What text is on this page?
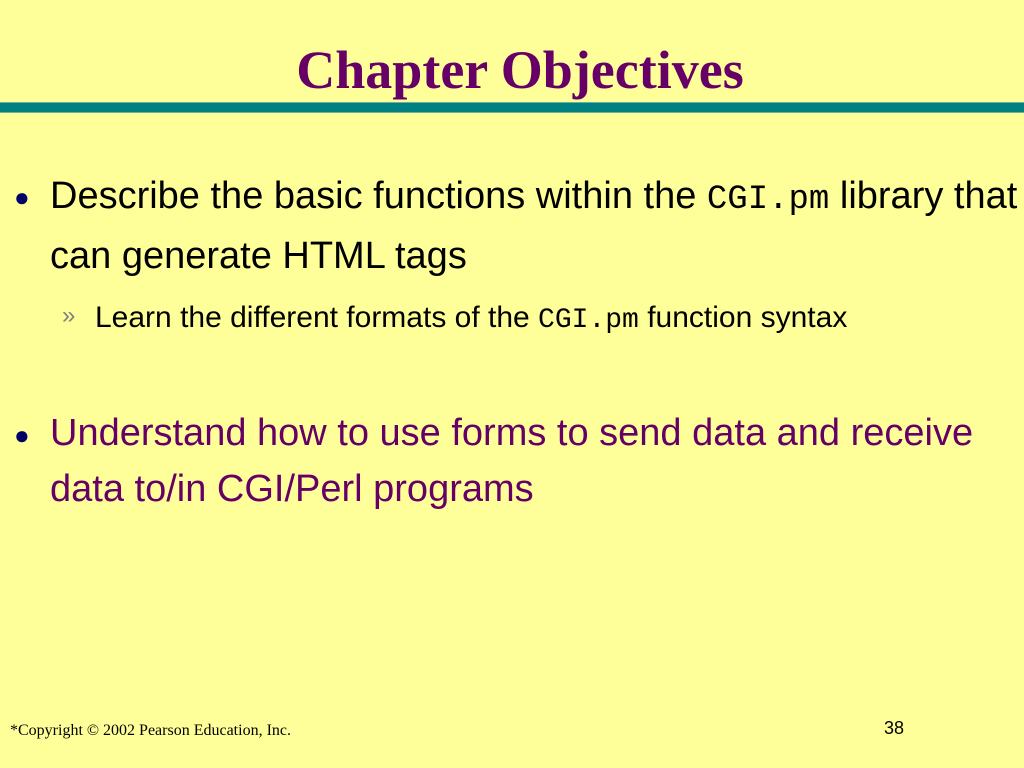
Chapter Objectives
● Describe the basic functions within the CGI.pm library that can generate HTML tags

» Learn the different formats of the CGI.pm function syntax

● Understand how to use forms to send data and receive data to/in CGI/Perl programs

*Copyright © 2002 Pearson Education, Inc.	38
